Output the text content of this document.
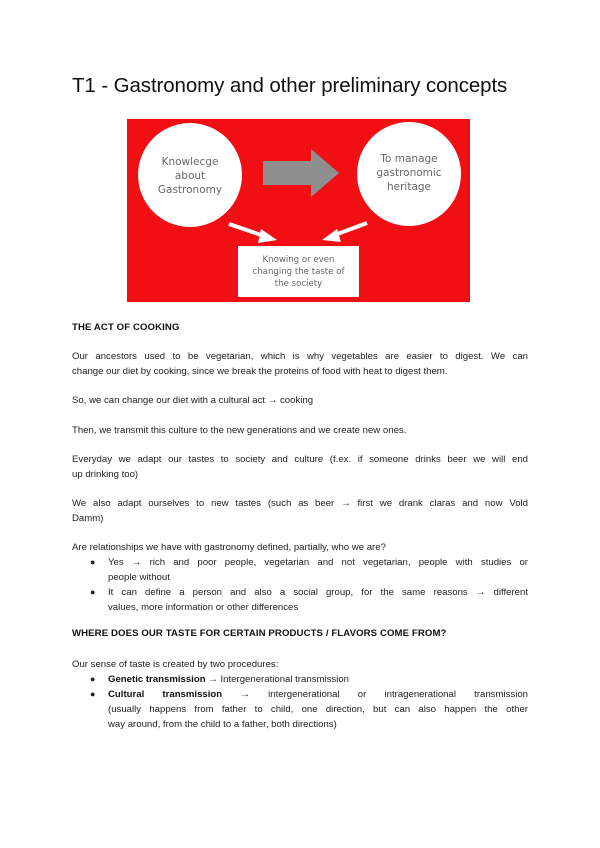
T1 - Gastronomy and other preliminary concepts
Knowlecge
about
Gastronomy
To manage
gastronomic
heritage
Knowing or even
changing the taste of
the society
THE ACT OF COOKING
Our ancestors used to be vegetarian, which is why vegetables are easier to digest. We can
change our diet by cooking, since we break the proteins of food with heat to digest them.

So, we can change our diet with a cultural act → cooking

Then, we transmit this culture to the new generations and we create new ones.

Everyday we adapt our tastes to society and culture (f.ex. if someone drinks beer we will end
up drinking too)
We also adapt ourselves to new tastes (such as beer → first we drank claras and now Vold
Damm)

Are relationships we have with gastronomy defined, partially, who we are?

● Yes → rich and poor people, vegetarian and not vegetarian, people with studies or
people without
● It can define a person and also a social group, for the same reasons → different
values, more information or other differences
WHERE DOES OUR TASTE FOR CERTAIN PRODUCTS / FLAVORS COME FROM?

Our sense of taste is created by two procedures:

● Genetic transmission → Intergenerational transmission
● Cultural transmission → intergenerational or intragenerational transmission
(usually happens from father to child, one direction, but can also happen the other
way around, from the child to a father, both directions)
